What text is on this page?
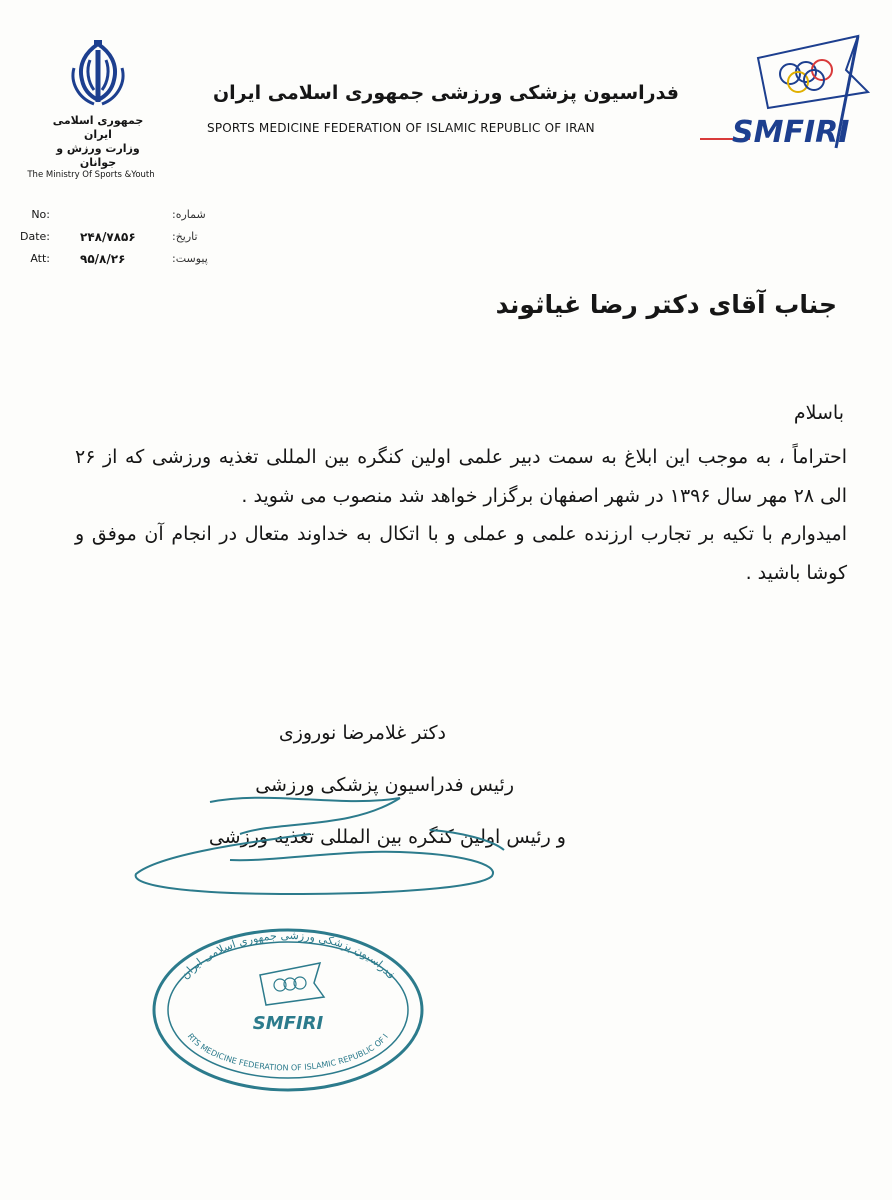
جمهوری اسلامی ایران
وزارت ورزش و جوانان
The Ministry Of Sports &Youth
فدراسیون پزشکی ورزشی جمهوری اسلامی ایران
SPORTS MEDICINE FEDERATION OF ISLAMIC REPUBLIC OF IRAN	SMFIRI
No:	شماره:
Date:	۲۴۸/۷۸۵۶	تاریخ:
Att:	۹۵/۸/۲۶	پیوست:
جناب آقای دکتر رضا غیاثوند
باسلام

احتراماً ، به موجب این ابلاغ به سمت دبیر علمی اولین کنگره بین المللی تغذیه ورزشی که از ۲۶ الی ۲۸ مهر سال ۱۳۹۶ در شهر اصفهان برگزار خواهد شد منصوب می شوید .

امیدوارم با تکیه بر تجارب ارزنده علمی و عملی و با اتکال به خداوند متعال در انجام آن موفق و کوشا باشید .

دکتر غلامرضا نوروزی
رئیس فدراسیون پزشکی ورزشی
و رئیس اولین کنگره بین المللی تغذیه ورزشی
فدراسیون پزشکی ورزشی جمهوری اسلامی ایران
RTS MEDICINE FEDERATION OF ISLAMIC REPUBLIC OF I
SMFIRI
